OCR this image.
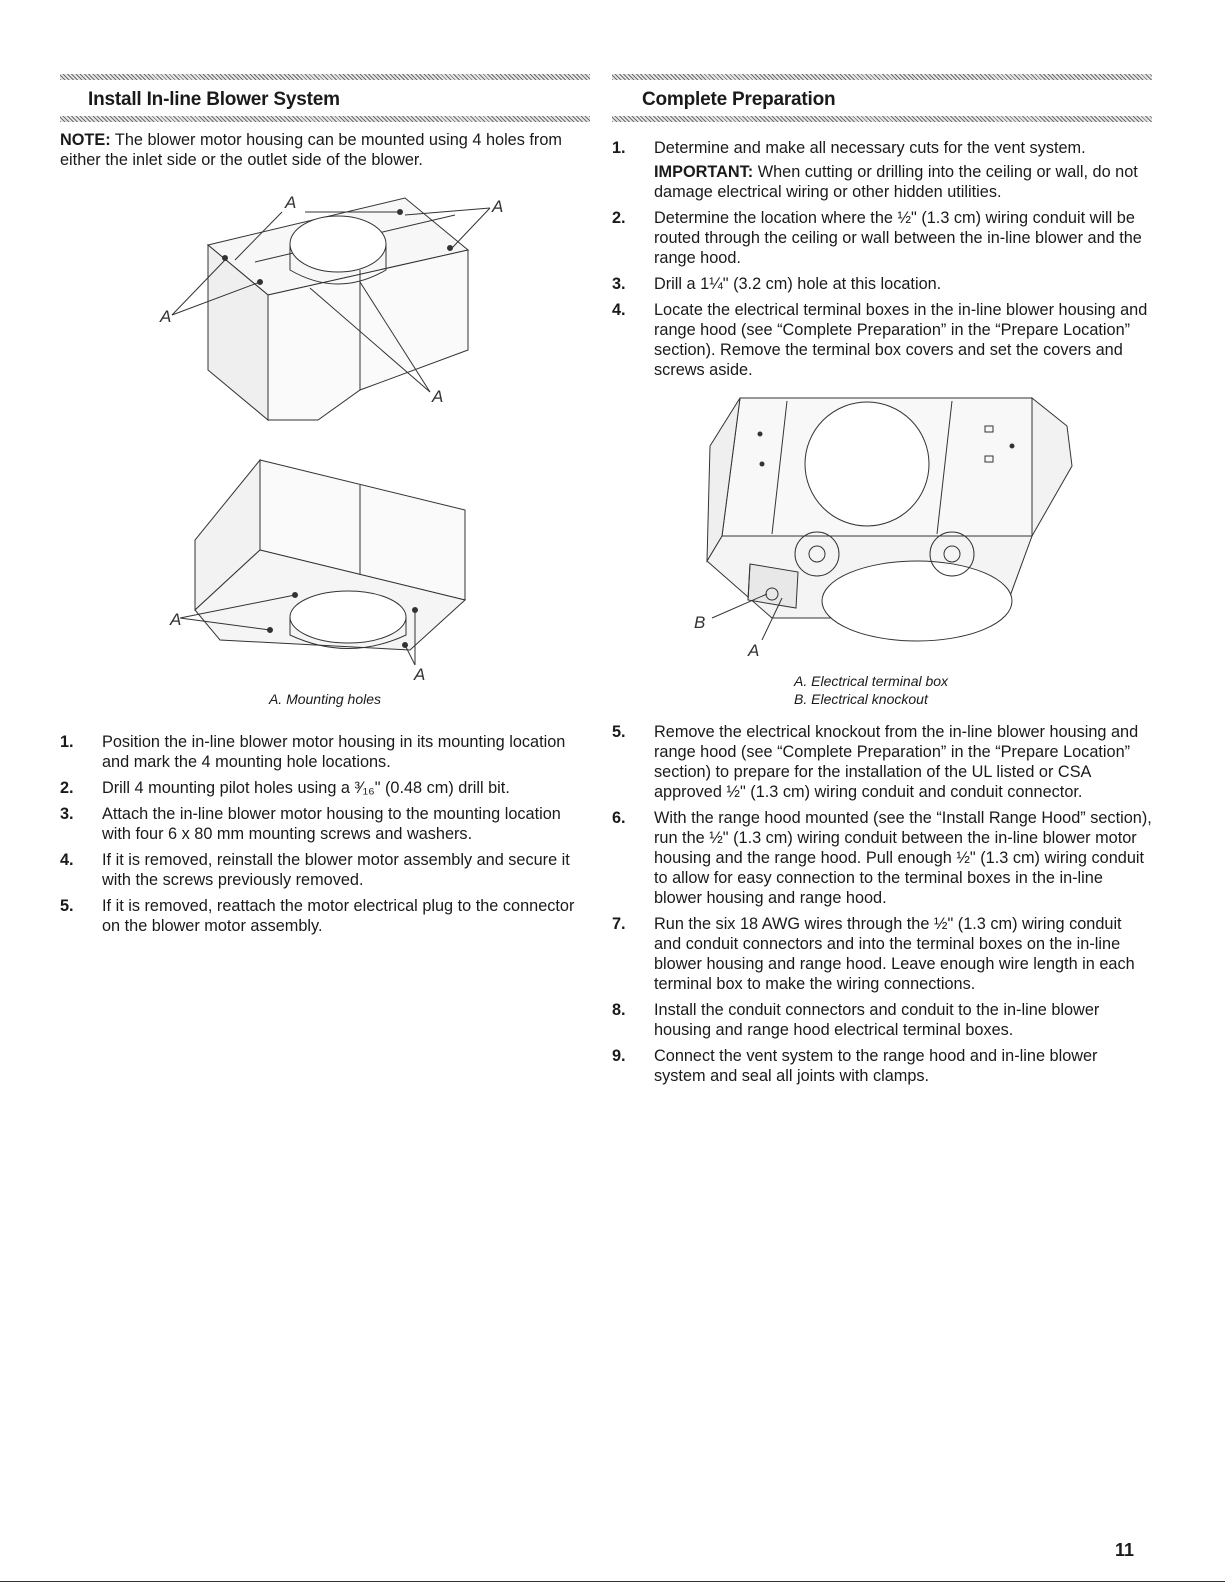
Install In-line Blower System

NOTE: The blower motor housing can be mounted using 4 holes from either the inlet side or the outlet side of the blower.

A	A
A
A
A
A
A. Mounting holes
1. Position the in-line blower motor housing in its mounting location and mark the 4 mounting hole locations.
2. Drill 4 mounting pilot holes using a ³⁄₁₆" (0.48 cm) drill bit.
3. Attach the in-line blower motor housing to the mounting location with four 6 x 80 mm mounting screws and washers.
4. If it is removed, reinstall the blower motor assembly and secure it with the screws previously removed.
5. If it is removed, reattach the motor electrical plug to the connector on the blower motor assembly.
Complete Preparation
1. Determine and make all necessary cuts for the vent system.
IMPORTANT: When cutting or drilling into the ceiling or wall, do not damage electrical wiring or other hidden utilities.
2. Determine the location where the ½" (1.3 cm) wiring conduit will be routed through the ceiling or wall between the in-line blower and the range hood.
3. Drill a 1¼" (3.2 cm) hole at this location.
4. Locate the electrical terminal boxes in the in-line blower housing and range hood (see “Complete Preparation” in the “Prepare Location” section). Remove the terminal box covers and set the covers and screws aside.
B
A
A. Electrical terminal box
B. Electrical knockout
5. Remove the electrical knockout from the in-line blower housing and range hood (see “Complete Preparation” in the “Prepare Location” section) to prepare for the installation of the UL listed or CSA approved ½" (1.3 cm) wiring conduit and conduit connector.
6. With the range hood mounted (see the “Install Range Hood” section), run the ½" (1.3 cm) wiring conduit between the in-line blower motor housing and the range hood. Pull enough ½" (1.3 cm) wiring conduit to allow for easy connection to the terminal boxes in the in-line blower housing and range hood.
7. Run the six 18 AWG wires through the ½" (1.3 cm) wiring conduit and conduit connectors and into the terminal boxes on the in-line blower housing and range hood. Leave enough wire length in each terminal box to make the wiring connections.
8. Install the conduit connectors and conduit to the in-line blower housing and range hood electrical terminal boxes.
9. Connect the vent system to the range hood and in-line blower system and seal all joints with clamps.
11
